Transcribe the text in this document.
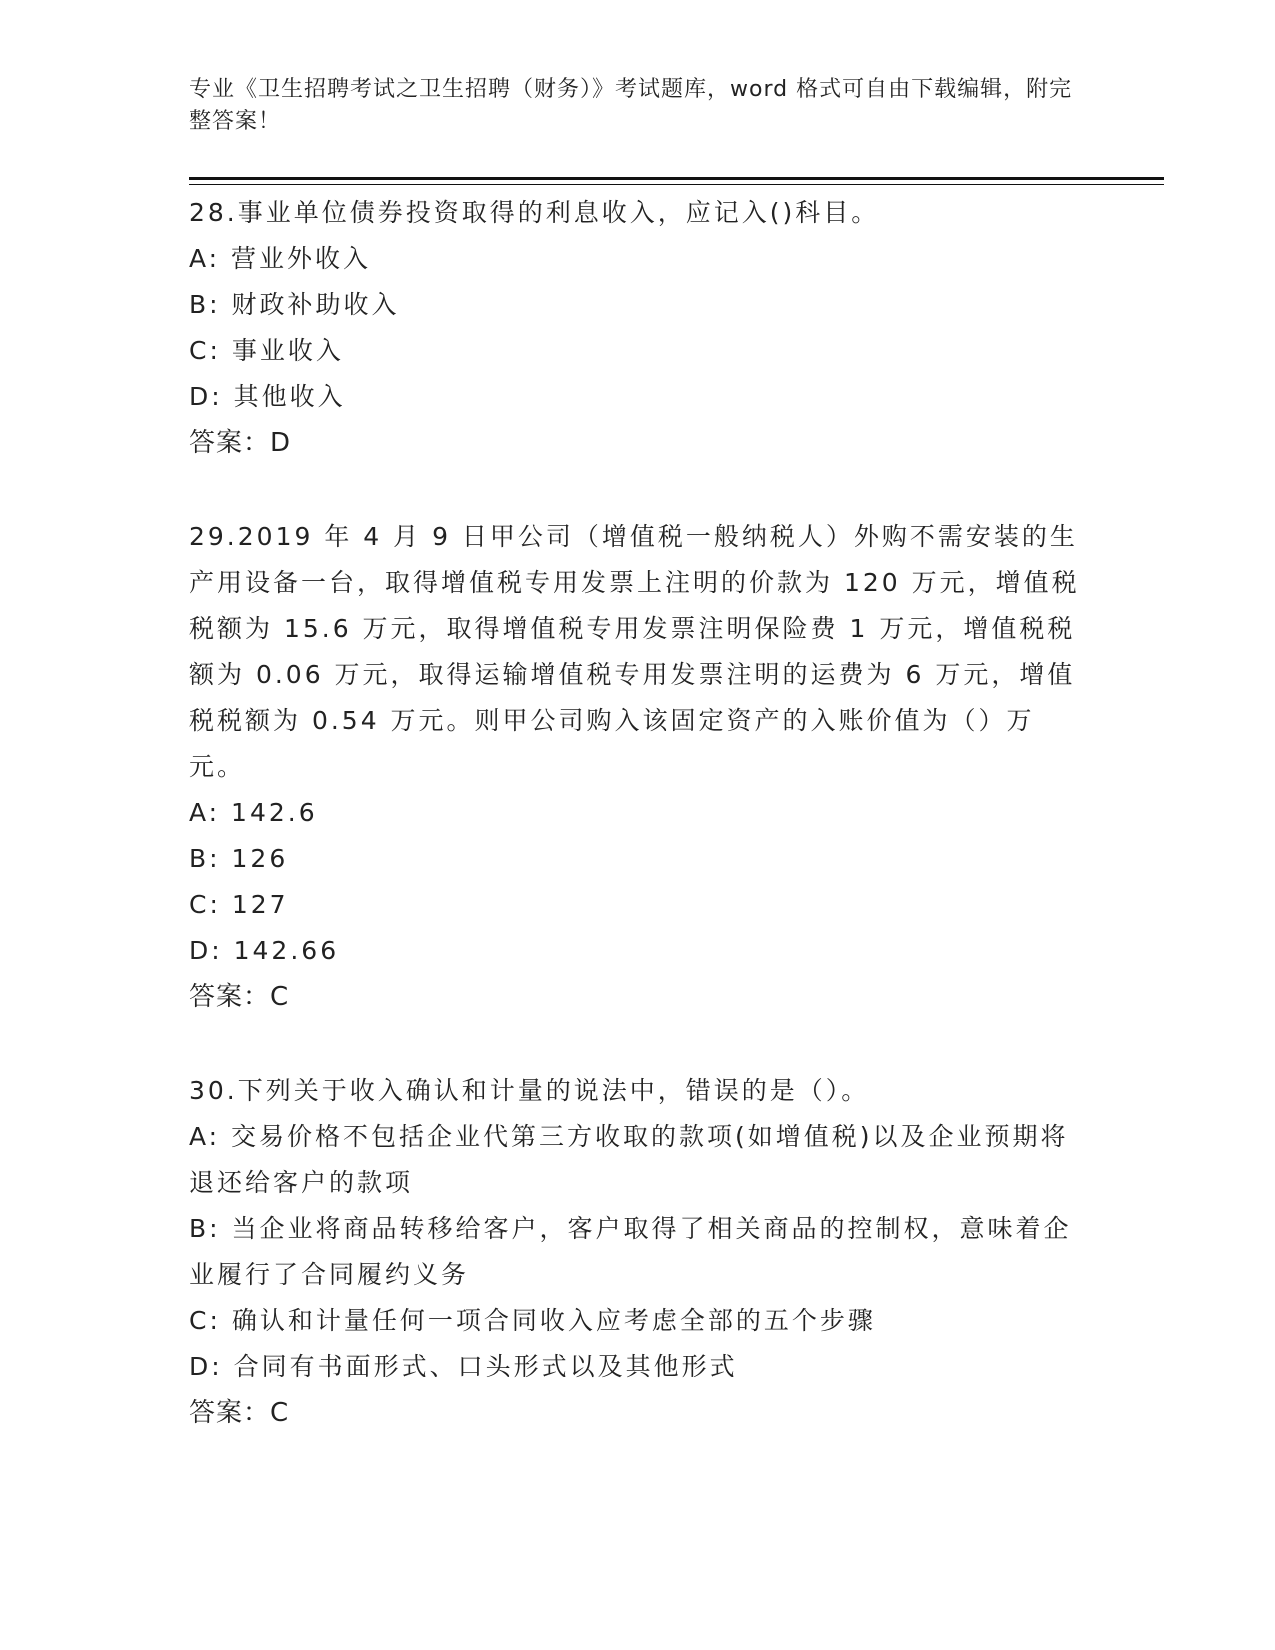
专业《卫生招聘考试之卫生招聘（财务）》考试题库，word 格式可自由下载编辑，附完整答案！
28.事业单位债券投资取得的利息收入，应记入()科目。
A: 营业外收入
B: 财政补助收入
C: 事业收入
D: 其他收入
答案：D
29.2019 年 4 月 9 日甲公司（增值税一般纳税人）外购不需安装的生产用设备一台，取得增值税专用发票上注明的价款为 120 万元，增值税税额为 15.6 万元，取得增值税专用发票注明保险费 1 万元，增值税税额为 0.06 万元，取得运输增值税专用发票注明的运费为 6 万元，增值税税额为 0.54 万元。则甲公司购入该固定资产的入账价值为（）万元。
A: 142.6
B: 126
C: 127
D: 142.66
答案：C
30.下列关于收入确认和计量的说法中，错误的是（）。
A: 交易价格不包括企业代第三方收取的款项(如增值税)以及企业预期将退还给客户的款项
B: 当企业将商品转移给客户，客户取得了相关商品的控制权，意味着企业履行了合同履约义务
C: 确认和计量任何一项合同收入应考虑全部的五个步骤
D: 合同有书面形式、口头形式以及其他形式
答案：C
